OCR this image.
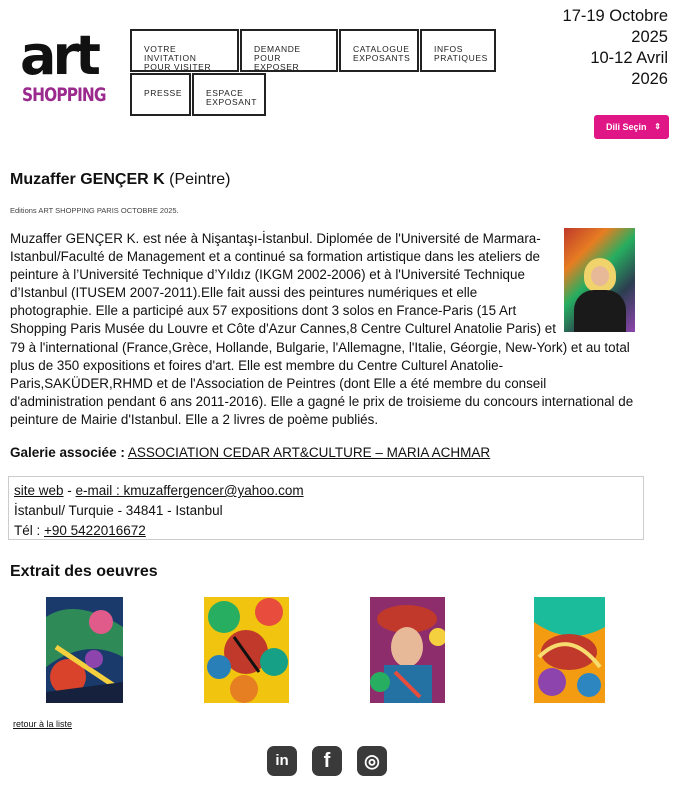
art
SHOPPING
VOTRE INVITATION
POUR VISITER
DEMANDE POUR
EXPOSER
CATALOGUE
EXPOSANTS
INFOS
PRATIQUES
PRESSE	ESPACE
EXPOSANT
17-19 Octobre
2025
10-12 Avril
2026
Dili Seçin ⇕
Muzaffer GENÇER K (Peintre)
Editions ART SHOPPING PARIS OCTOBRE 2025.
Muzaffer GENÇER K. est née à Nişantaşı-İstanbul. Diplomée de l'Université de Marmara-Istanbul/Faculté de Management et a continué sa formation artistique dans les ateliers de peinture à l’Université Technique d’Yıldız (IKGM 2002-2006) et à l'Université Technique d’Istanbul (ITUSEM 2007-2011).Elle fait aussi des peintures numériques et elle photographie. Elle a participé aux 57 expositions dont 3 solos en France-Paris (15 Art Shopping Paris Musée du Louvre et Côte d'Azur Cannes,8 Centre Culturel Anatolie Paris) et 79 à l'international (France,Grèce, Hollande, Bulgarie, l'Allemagne, l'Italie, Géorgie, New-York) et au total plus de 350 expositions et foires d'art. Elle est membre du Centre Culturel Anatolie-Paris,SAKÜDER,RHMD et de l'Association de Peintres (dont Elle a été membre du conseil d'administration pendant 6 ans 2011-2016). Elle a gagné le prix de troisieme du concours international de peinture de Mairie d'Istanbul. Elle a 2 livres de poème publiés.
Galerie associée : ASSOCIATION CEDAR ART&CULTURE – MARIA ACHMAR
site web - e-mail : kmuzaffergencer@yahoo.com
İstanbul/ Turquie - 34841 - Istanbul
Tél : +90 5422016672
Extrait des oeuvres
retour à la liste
in	f	◎
